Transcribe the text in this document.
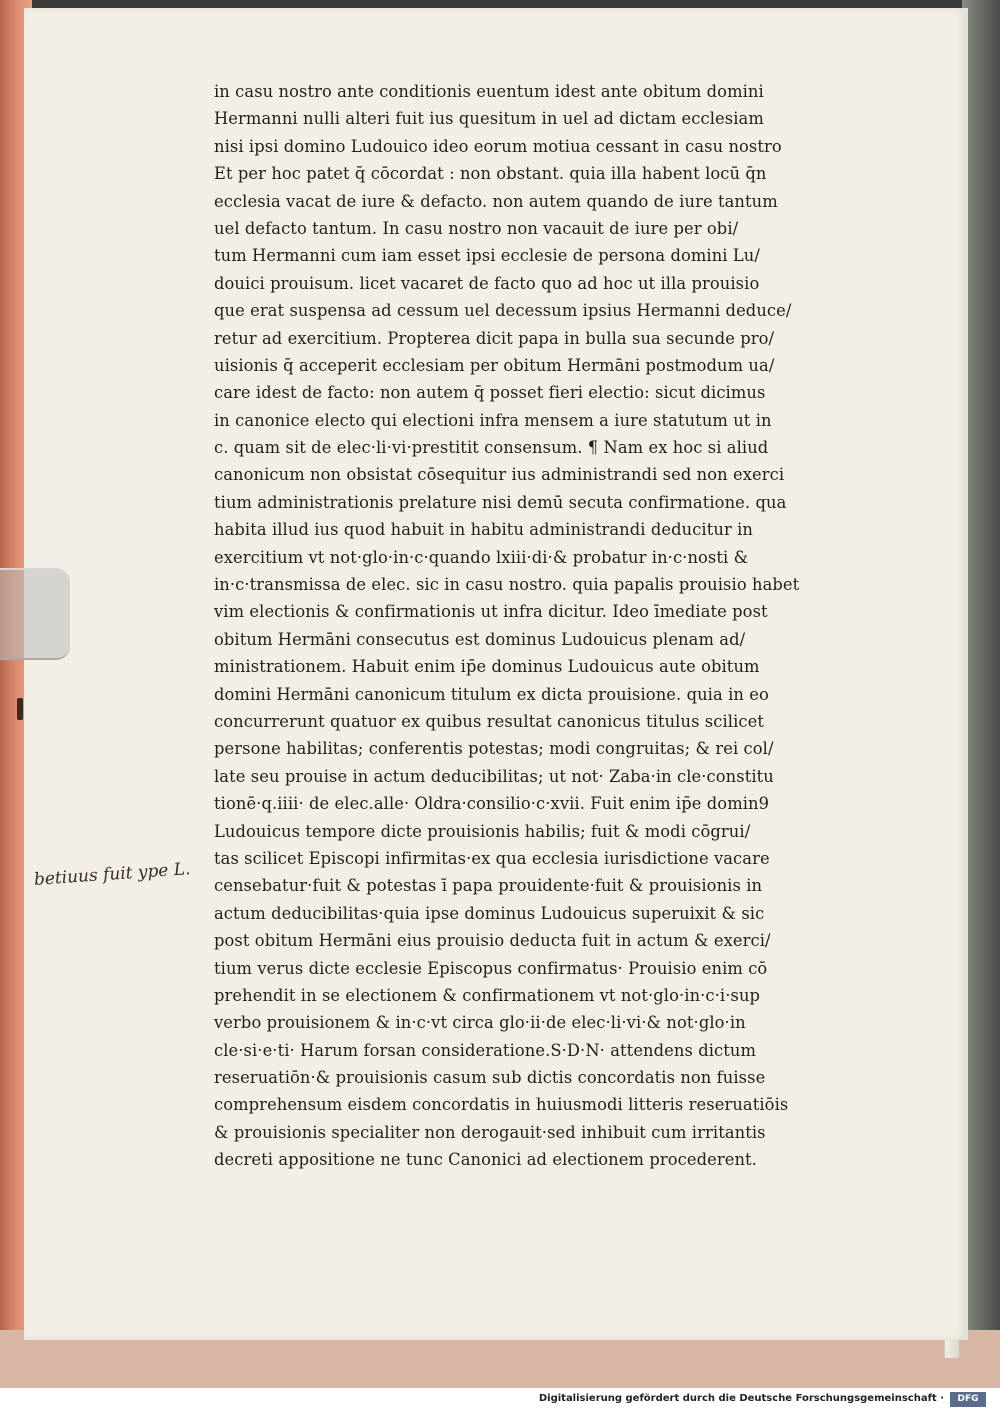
in casu nostro ante conditionis euentum idest ante obitum domini
Hermanni nulli alteri fuit ius quesitum in uel ad dictam ecclesiam
nisi ipsi domino Ludouico ideo eorum motiua cessant in casu nostro
Et per hoc patet q̄ cōcordat : non obstant. quia illa habent locū q̄n
ecclesia vacat de iure & defacto. non autem quando de iure tantum
uel defacto tantum. In casu nostro non vacauit de iure per obi/
tum Hermanni cum iam esset ipsi ecclesie de persona domini Lu/
douici prouisum. licet vacaret de facto quo ad hoc ut illa prouisio
que erat suspensa ad cessum uel decessum ipsius Hermanni deduce/
retur ad exercitium. Propterea dicit papa in bulla sua secunde pro/
uisionis q̄ acceperit ecclesiam per obitum Hermāni postmodum ua/
care idest de facto: non autem q̄ posset fieri electio: sicut dicimus
in canonice electo qui electioni infra mensem a iure statutum ut in
c. quam sit de elec·li·vi·prestitit consensum. ¶ Nam ex hoc si aliud
canonicum non obsistat cōsequitur ius administrandi sed non exerci
tium administrationis prelature nisi demū secuta confirmatione. qua
habita illud ius quod habuit in habitu administrandi deducitur in
exercitium vt not·glo·in·c·quando lxiii·di·& probatur in·c·nosti &
in·c·transmissa de elec. sic in casu nostro. quia papalis prouisio habet
vim electionis & confirmationis ut infra dicitur. Ideo īmediate post
obitum Hermāni consecutus est dominus Ludouicus plenam ad/
ministrationem. Habuit enim ip̄e dominus Ludouicus aute obitum
domini Hermāni canonicum titulum ex dicta prouisione. quia in eo
concurrerunt quatuor ex quibus resultat canonicus titulus scilicet
persone habilitas; conferentis potestas; modi congruitas; & rei col/
late seu prouise in actum deducibilitas; ut not· Zaba·in cle·constitu
tionē·q.iiii· de elec.alle· Oldra·consilio·c·xvii. Fuit enim ip̄e domin9
Ludouicus tempore dicte prouisionis habilis; fuit & modi cōgrui/
tas scilicet Episcopi infirmitas·ex qua ecclesia iurisdictione vacare
censebatur·fuit & potestas ī papa prouidente·fuit & prouisionis in
actum deducibilitas·quia ipse dominus Ludouicus superuixit & sic
post obitum Hermāni eius prouisio deducta fuit in actum & exerci/
tium verus dicte ecclesie Episcopus confirmatus· Prouisio enim cō
prehendit in se electionem & confirmationem vt not·glo·in·c·i·sup
verbo prouisionem & in·c·vt circa glo·ii·de elec·li·vi·& not·glo·in
cle·si·e·ti· Harum forsan consideratione.S·D·N· attendens dictum
reseruatiōn·& prouisionis casum sub dictis concordatis non fuisse
comprehensum eisdem concordatis in huiusmodi litteris reseruatiōis
& prouisionis specialiter non derogauit·sed inhibuit cum irritantis
decreti appositione ne tunc Canonici ad electionem procederent.
betiuus fuit ype L.
Digitalisierung gefördert durch die Deutsche Forschungsgemeinschaft ·	DFG
